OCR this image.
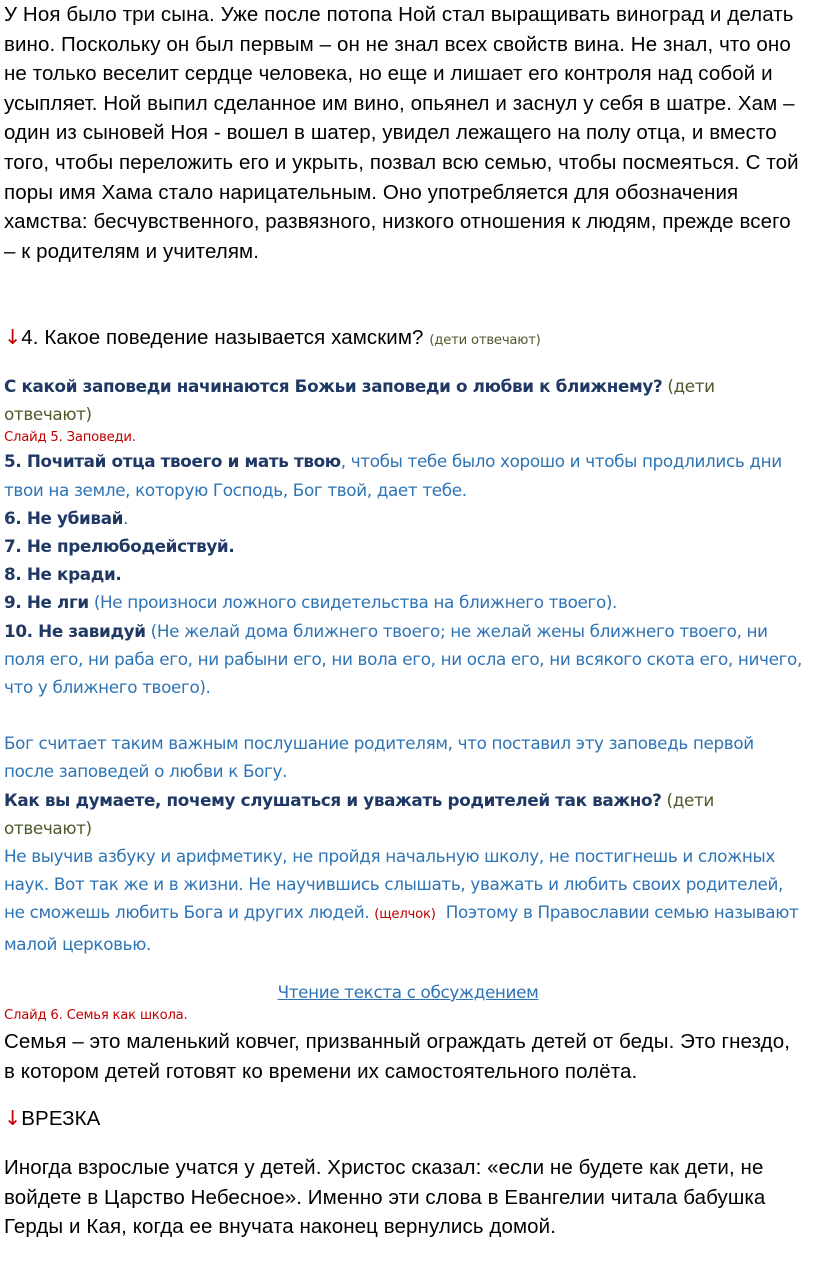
У Ноя было три сына. Уже после потопа Ной стал выращивать виноград и делать вино. Поскольку он был первым – он не знал всех свойств вина. Не знал, что оно не только веселит сердце человека, но еще и лишает его контроля над собой и усыпляет. Ной выпил сделанное им вино, опьянел и заснул у себя в шатре. Хам – один из сыновей Ноя - вошел в шатер, увидел лежащего на полу отца, и вместо того, чтобы переложить его и укрыть, позвал всю семью, чтобы посмеяться. С той поры имя Хама стало нарицательным. Оно употребляется для обозначения хамства: бесчувственного, развязного, низкого отношения к людям, прежде всего – к родителям и учителям.

↓4. Какое поведение называется хамским? (дети отвечают)

С какой заповеди начинаются Божьи заповеди о любви к ближнему? (дети отвечают)

Слайд 5. Заповеди.

5. Почитай отца твоего и мать твою, чтобы тебе было хорошо и чтобы продлились дни твои на земле, которую Господь, Бог твой, дает тебе.

6. Не убивай.

7. Не прелюбодействуй.

8. Не кради.

9. Не лги (Не произноси ложного свидетельства на ближнего твоего).

10. Не завидуй (Не желай дома ближнего твоего; не желай жены ближнего твоего, ни поля его, ни раба его, ни рабыни его, ни вола его, ни осла его, ни всякого скота его, ничего, что у ближнего твоего).

Бог считает таким важным послушание родителям, что поставил эту заповедь первой после заповедей о любви к Богу.

Как вы думаете, почему слушаться и уважать родителей так важно? (дети отвечают)

Не выучив азбуку и арифметику, не пройдя начальную школу, не постигнешь и сложных наук. Вот так же и в жизни. Не научившись слышать, уважать и любить своих родителей, не сможешь любить Бога и других людей. (щелчок) Поэтому в Православии семью называют малой церковью.

Чтение текста с обсуждением

Слайд 6. Семья как школа.

Семья – это маленький ковчег, призванный ограждать детей от беды. Это гнездо, в котором детей готовят ко времени их самостоятельного полёта.

↓ВРЕЗКА

Иногда взрослые учатся у детей. Христос сказал: «если не будете как дети, не войдете в Царство Небесное». Именно эти слова в Евангелии читала бабушка Герды и Кая, когда ее внучата наконец вернулись домой.
